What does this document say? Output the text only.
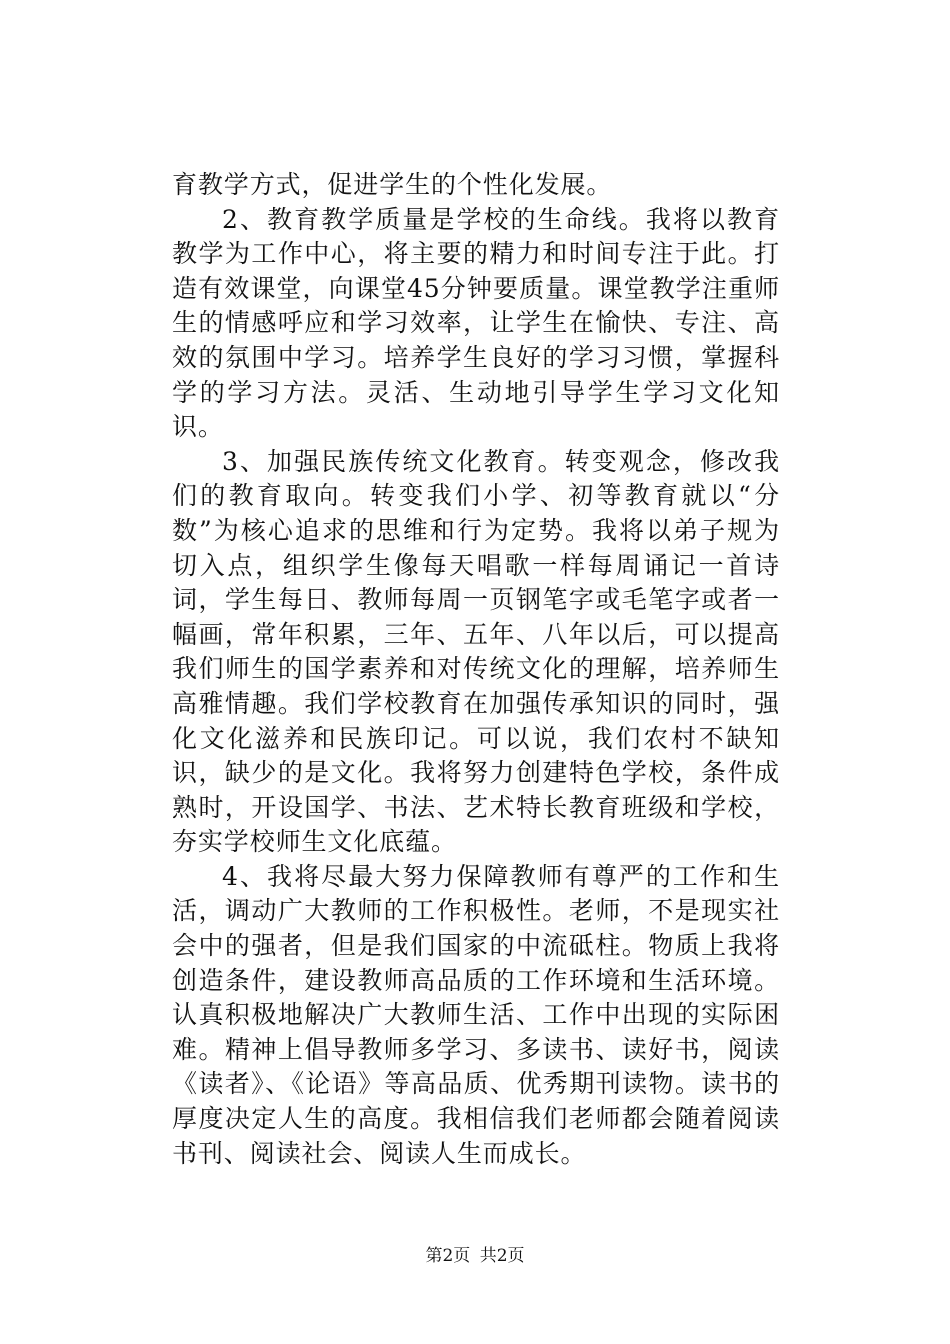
育教学方式，促进学生的个性化发展。

2、教育教学质量是学校的生命线。我将以教育教学为工作中心，将主要的精力和时间专注于此。打造有效课堂，向课堂45分钟要质量。课堂教学注重师生的情感呼应和学习效率，让学生在愉快、专注、高效的氛围中学习。培养学生良好的学习习惯，掌握科学的学习方法。灵活、生动地引导学生学习文化知识。

3、加强民族传统文化教育。转变观念，修改我们的教育取向。转变我们小学、初等教育就以“分数”为核心追求的思维和行为定势。我将以弟子规为切入点，组织学生像每天唱歌一样每周诵记一首诗词，学生每日、教师每周一页钢笔字或毛笔字或者一幅画，常年积累，三年、五年、八年以后，可以提高我们师生的国学素养和对传统文化的理解，培养师生高雅情趣。我们学校教育在加强传承知识的同时，强化文化滋养和民族印记。可以说，我们农村不缺知识，缺少的是文化。我将努力创建特色学校，条件成熟时，开设国学、书法、艺术特长教育班级和学校，夯实学校师生文化底蕴。

4、我将尽最大努力保障教师有尊严的工作和生活，调动广大教师的工作积极性。老师，不是现实社会中的强者，但是我们国家的中流砥柱。物质上我将创造条件，建设教师高品质的工作环境和生活环境。认真积极地解决广大教师生活、工作中出现的实际困难。精神上倡导教师多学习、多读书、读好书，阅读《读者》、《论语》等高品质、优秀期刊读物。读书的厚度决定人生的高度。我相信我们老师都会随着阅读书刊、阅读社会、阅读人生而成长。

第2页 共2页
